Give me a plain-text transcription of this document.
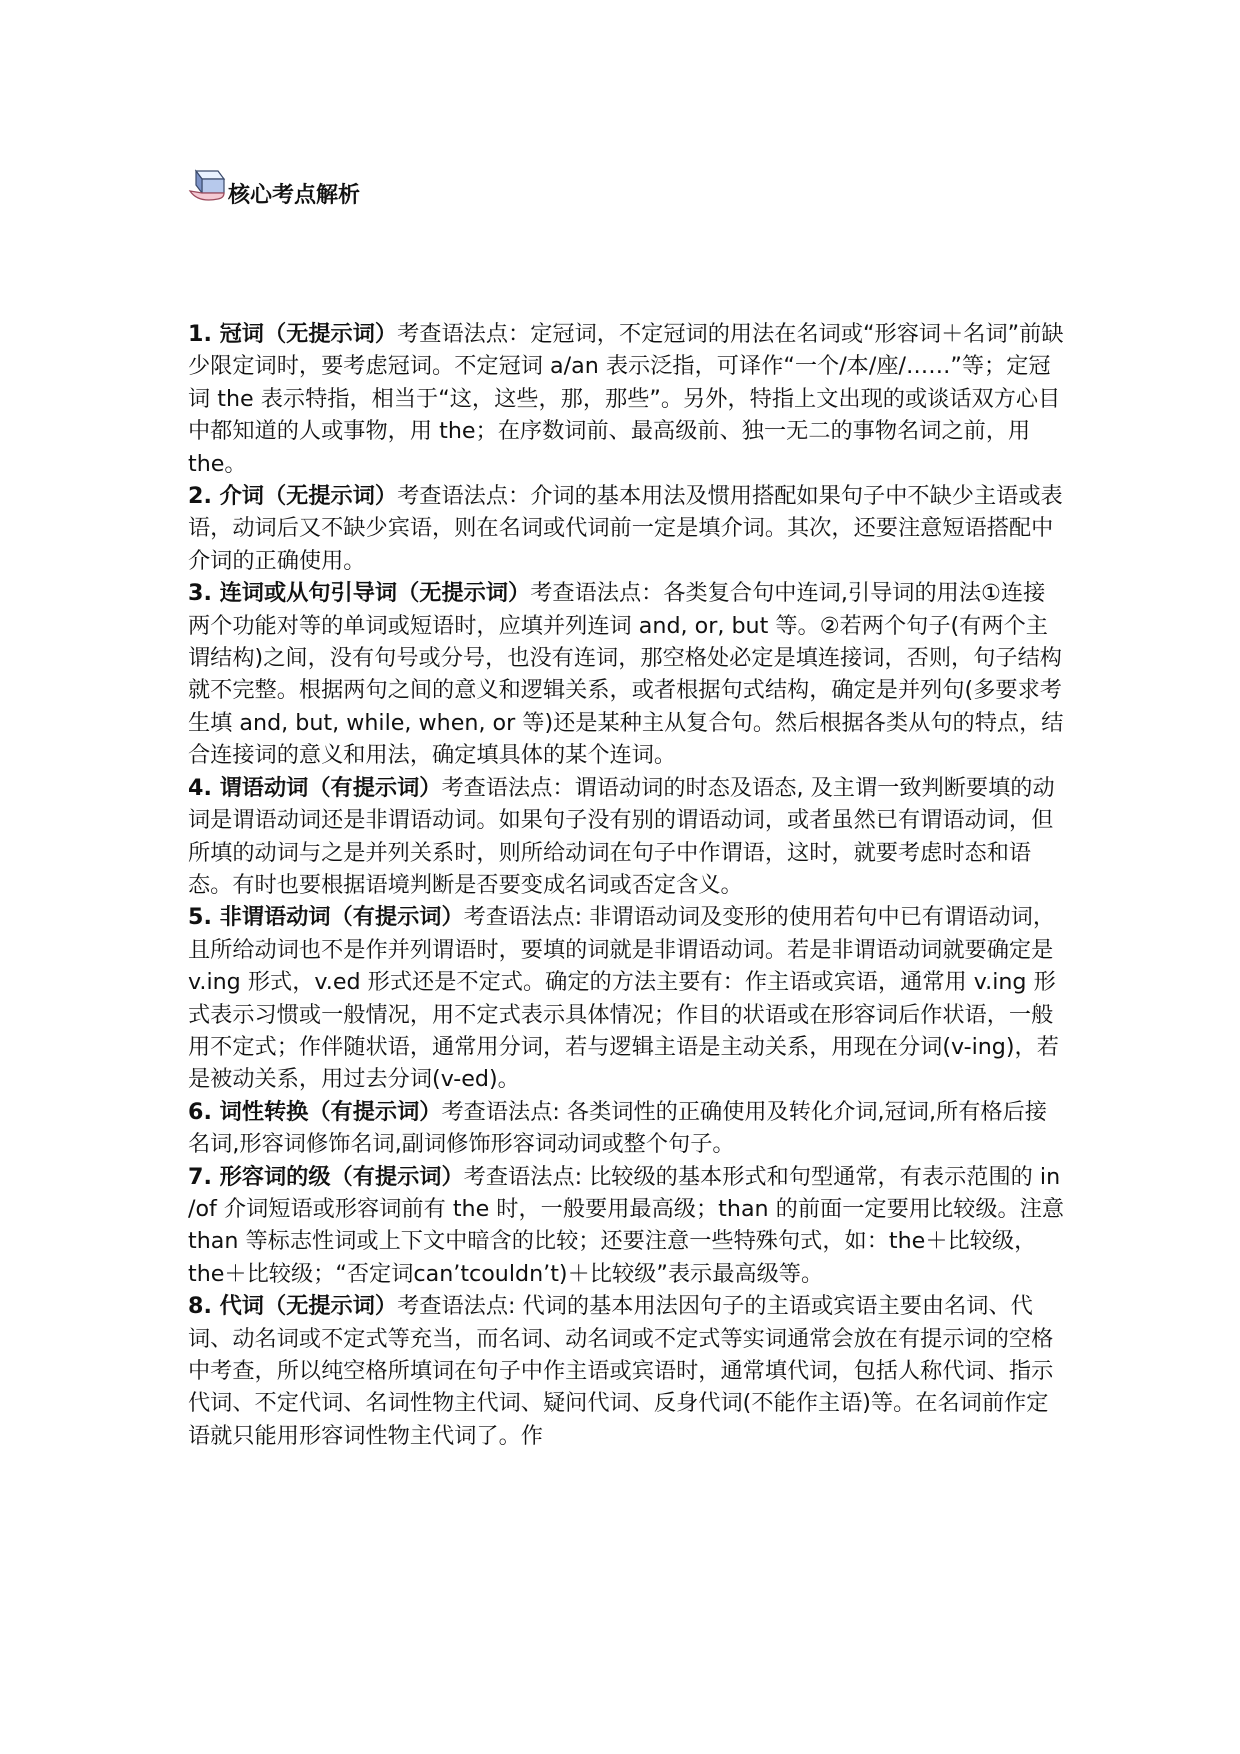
核心考点解析

1. 冠词（无提示词）考查语法点：定冠词，不定冠词的用法在名词或“形容词＋名词”前缺少限定词时，要考虑冠词。不定冠词 a/an 表示泛指，可译作“一个/本/座/……”等；定冠词 the 表示特指，相当于“这，这些，那，那些”。另外，特指上文出现的或谈话双方心目中都知道的人或事物，用 the；在序数词前、最高级前、独一无二的事物名词之前，用 the。

2. 介词（无提示词）考查语法点：介词的基本用法及惯用搭配如果句子中不缺少主语或表语，动词后又不缺少宾语，则在名词或代词前一定是填介词。其次，还要注意短语搭配中介词的正确使用。

3. 连词或从句引导词（无提示词）考查语法点：各类复合句中连词,引导词的用法①连接两个功能对等的单词或短语时，应填并列连词 and, or, but 等。②若两个句子(有两个主谓结构)之间，没有句号或分号，也没有连词，那空格处必定是填连接词，否则，句子结构就不完整。根据两句之间的意义和逻辑关系，或者根据句式结构，确定是并列句(多要求考生填 and, but, while, when, or 等)还是某种主从复合句。然后根据各类从句的特点，结合连接词的意义和用法，确定填具体的某个连词。

4. 谓语动词（有提示词）考查语法点：谓语动词的时态及语态, 及主谓一致判断要填的动词是谓语动词还是非谓语动词。如果句子没有别的谓语动词，或者虽然已有谓语动词，但所填的动词与之是并列关系时，则所给动词在句子中作谓语，这时，就要考虑时态和语态。有时也要根据语境判断是否要变成名词或否定含义。

5. 非谓语动词（有提示词）考查语法点: 非谓语动词及变形的使用若句中已有谓语动词，且所给动词也不是作并列谓语时，要填的词就是非谓语动词。若是非谓语动词就要确定是 v.ing 形式，v.ed 形式还是不定式。确定的方法主要有：作主语或宾语，通常用 v.ing 形式表示习惯或一般情况，用不定式表示具体情况；作目的状语或在形容词后作状语，一般用不定式；作伴随状语，通常用分词，若与逻辑主语是主动关系，用现在分词(v-ing)，若是被动关系，用过去分词(v-ed)。

6. 词性转换（有提示词）考查语法点: 各类词性的正确使用及转化介词,冠词,所有格后接名词,形容词修饰名词,副词修饰形容词动词或整个句子。

7. 形容词的级（有提示词）考查语法点: 比较级的基本形式和句型通常，有表示范围的 in /of 介词短语或形容词前有 the 时，一般要用最高级；than 的前面一定要用比较级。注意 than 等标志性词或上下文中暗含的比较；还要注意一些特殊句式，如：the＋比较级，the＋比较级；“否定词can’tcouldn’t)＋比较级”表示最高级等。

8. 代词（无提示词）考查语法点: 代词的基本用法因句子的主语或宾语主要由名词、代词、动名词或不定式等充当，而名词、动名词或不定式等实词通常会放在有提示词的空格中考查，所以纯空格所填词在句子中作主语或宾语时，通常填代词，包括人称代词、指示代词、不定代词、名词性物主代词、疑问代词、反身代词(不能作主语)等。在名词前作定语就只能用形容词性物主代词了。作
